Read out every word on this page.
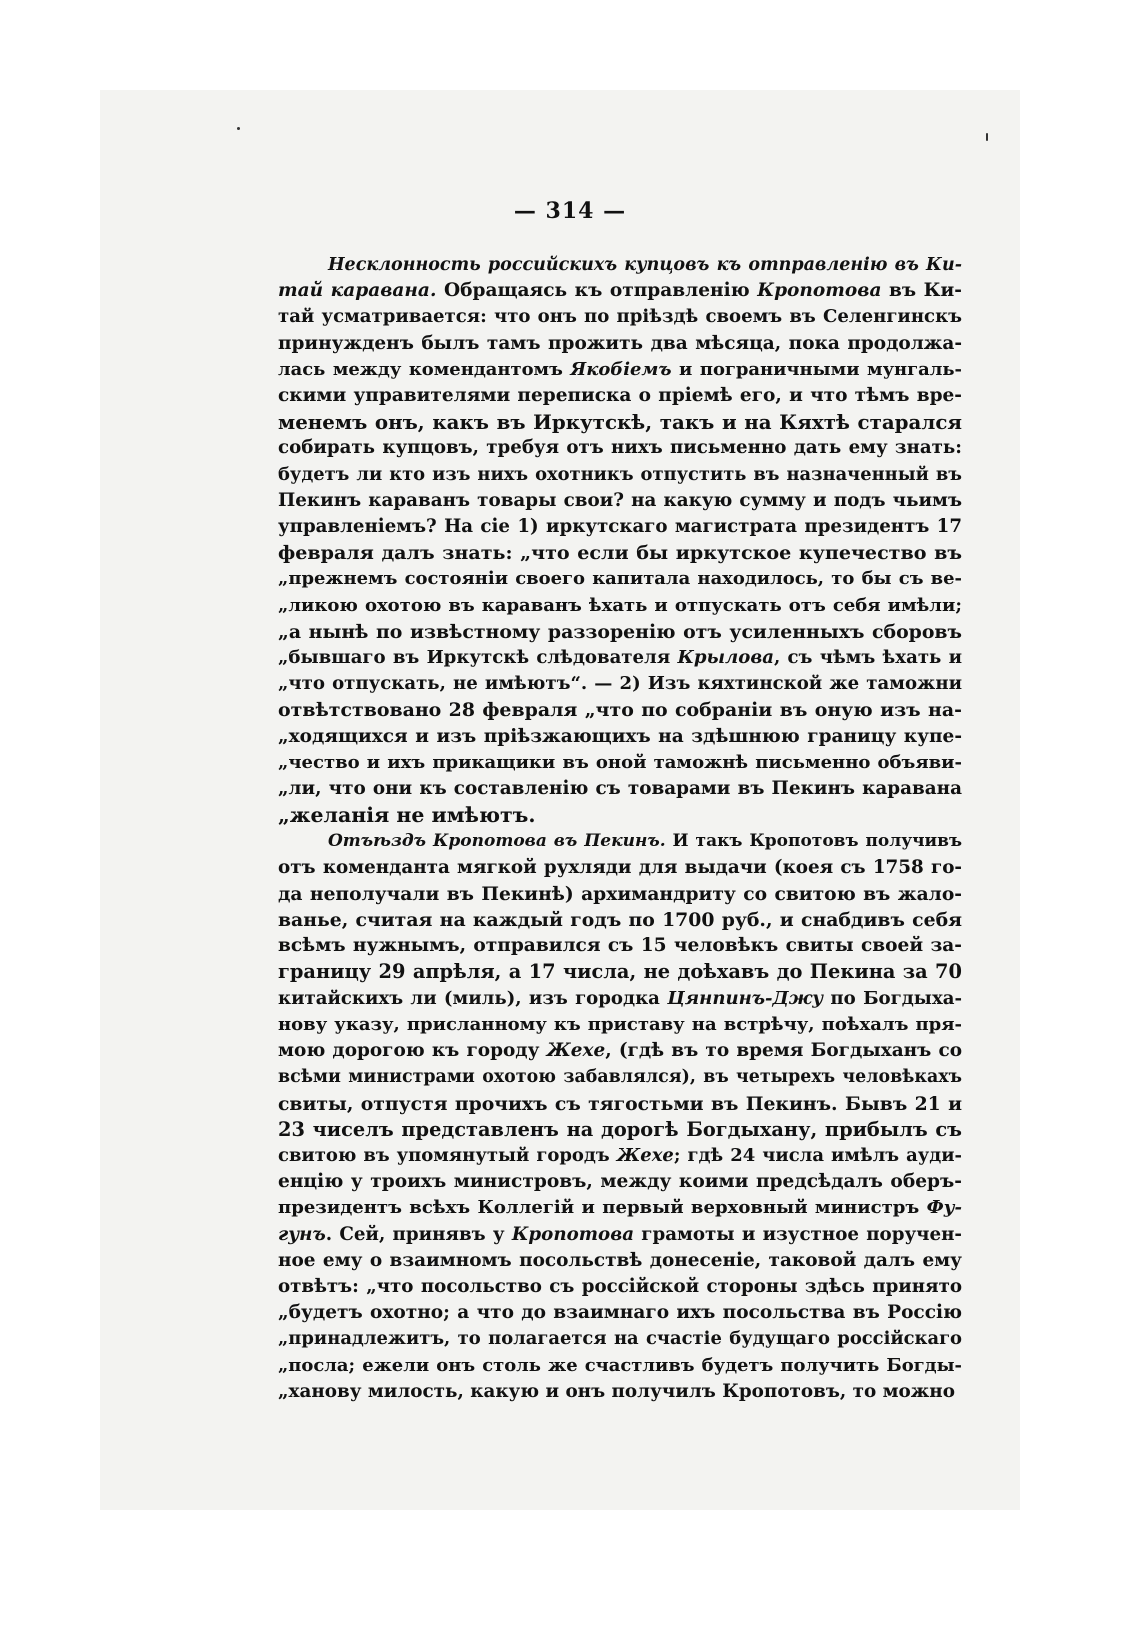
— 314 —
Несклонность российскихъ купцовъ къ отправленію въ Ки-
тай каравана. Обращаясь къ отправленію Кропотова въ Ки-
тай усматривается: что онъ по пріѣздѣ своемъ въ Селенгинскъ
принужденъ былъ тамъ прожить два мѣсяца, пока продолжа-
лась между комендантомъ Якобіемъ и пограничными мунгаль-
скими управителями переписка о пріемѣ его, и что тѣмъ вре-
менемъ онъ, какъ въ Иркутскѣ, такъ и на Кяхтѣ старался
собирать купцовъ, требуя отъ нихъ письменно дать ему знать:
будетъ ли кто изъ нихъ охотникъ отпустить въ назначенный въ
Пекинъ караванъ товары свои? на какую сумму и подъ чьимъ
управленіемъ? На сіе 1) иркутскаго магистрата президентъ 17
февраля далъ знать: „что если бы иркутское купечество въ
„прежнемъ состояніи своего капитала находилось, то бы съ ве-
„ликою охотою въ караванъ ѣхать и отпускать отъ себя имѣли;
„а нынѣ по извѣстному раззоренію отъ усиленныхъ сборовъ
„бывшаго въ Иркутскѣ слѣдователя Крылова, съ чѣмъ ѣхать и
„что отпускать, не имѣютъ“. — 2) Изъ кяхтинской же таможни
отвѣтствовано 28 февраля „что по собраніи въ оную изъ на-
„ходящихся и изъ пріѣзжающихъ на здѣшнюю границу купе-
„чество и ихъ прикащики въ оной таможнѣ письменно объяви-
„ли, что они къ составленію съ товарами въ Пекинъ каравана
„желанія не имѣютъ.
Отъѣздъ Кропотова въ Пекинъ. И такъ Кропотовъ получивъ
отъ коменданта мягкой рухляди для выдачи (коея съ 1758 го-
да неполучали въ Пекинѣ) архимандриту со свитою въ жало-
ванье, считая на каждый годъ по 1700 руб., и снабдивъ себя
всѣмъ нужнымъ, отправился съ 15 человѣкъ свиты своей за-
границу 29 апрѣля, а 17 числа, не доѣхавъ до Пекина за 70
китайскихъ ли (миль), изъ городка Цянпинъ-Джу по Богдыха-
нову указу, присланному къ приставу на встрѣчу, поѣхалъ пря-
мою дорогою къ городу Жехе, (гдѣ въ то время Богдыханъ со
всѣми министрами охотою забавлялся), въ четырехъ человѣкахъ
свиты, отпустя прочихъ съ тягостьми въ Пекинъ. Бывъ 21 и
23 чиселъ представленъ на дорогѣ Богдыхану, прибылъ съ
свитою въ упомянутый городъ Жехе; гдѣ 24 числа имѣлъ ауди-
енцію у троихъ министровъ, между коими предсѣдалъ оберъ-
президентъ всѣхъ Коллегій и первый верховный министръ Фу-
гунъ. Сей, принявъ у Кропотова грамоты и изустное поручен-
ное ему о взаимномъ посольствѣ донесеніе, таковой далъ ему
отвѣтъ: „что посольство съ россійской стороны здѣсь принято
„будетъ охотно; а что до взаимнаго ихъ посольства въ Россію
„принадлежитъ, то полагается на счастіе будущаго россійскаго
„посла; ежели онъ столь же счастливъ будетъ получить Богды-
„ханову милость, какую и онъ получилъ Кропотовъ, то можно
